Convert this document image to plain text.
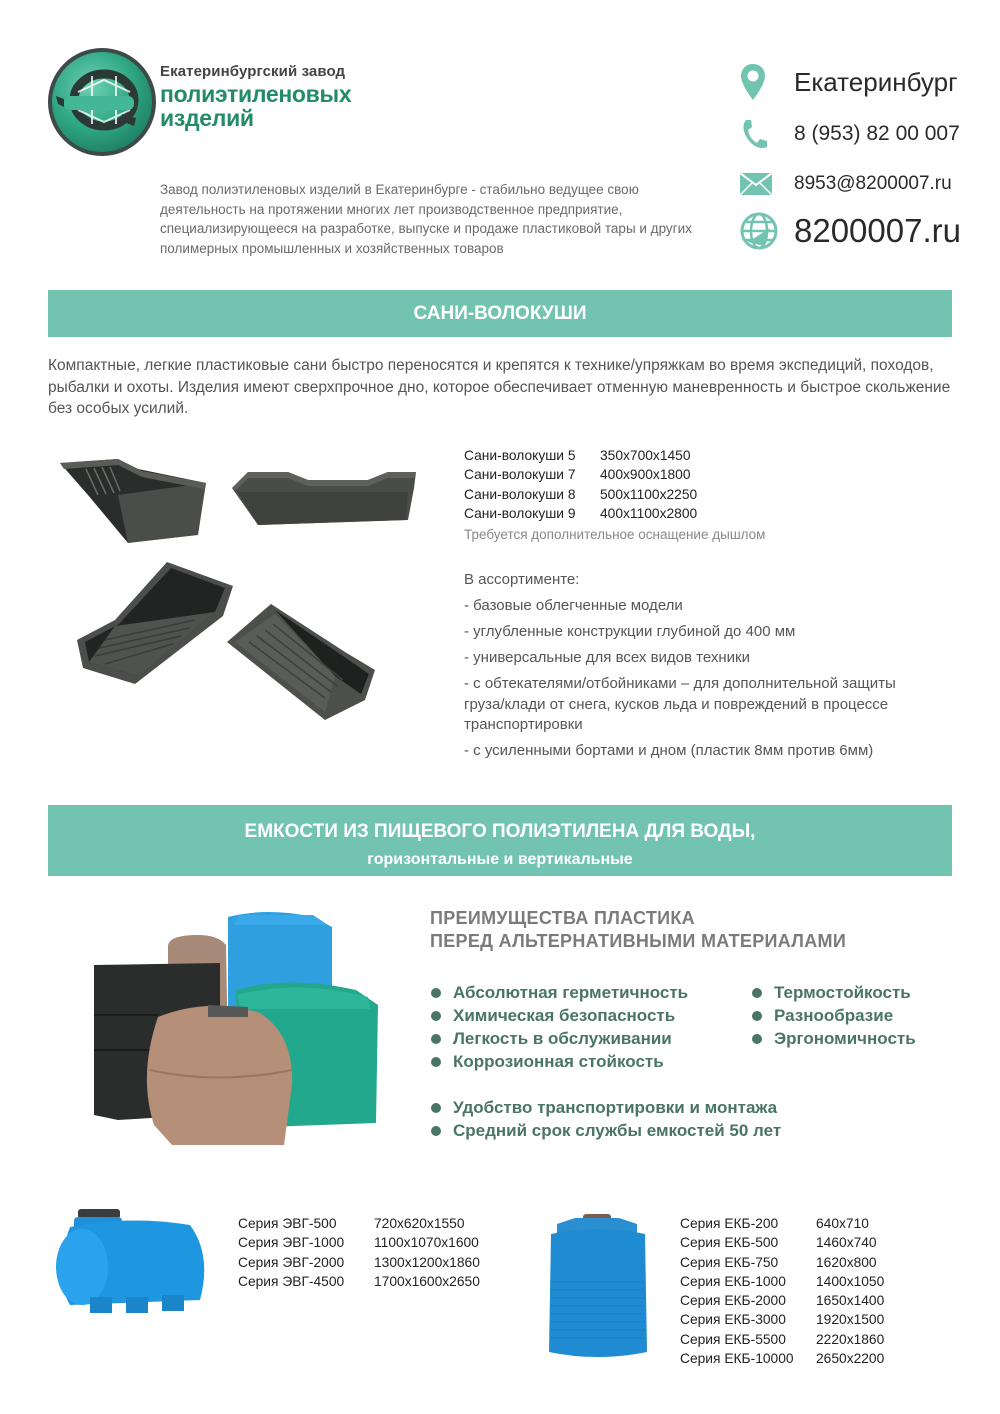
Екатеринбургский завод
полиэтиленовых
изделий
Завод полиэтиленовых изделий в Екатеринбурге - стабильно ведущее свою деятельность на протяжении многих лет производственное предприятие, специализирующееся на разработке, выпуске и продаже пластиковой тары и других полимерных промышленных и хозяйственных товаров
Екатеринбург
8 (953) 82 00 007
8953@8200007.ru
8200007.ru
САНИ-ВОЛОКУШИ
Компактные, легкие пластиковые сани быстро переносятся и крепятся к технике/упряжкам во время экспедиций, походов, рыбалки и охоты. Изделия имеют сверхпрочное дно, которое обеспечивает отменную маневренность и быстрое скольжение без особых усилий.
Сани-волокуши 5	350x700x1450
Сани-волокуши 7	400x900x1800
Сани-волокуши 8	500x1100x2250
Сани-волокуши 9	400x1100x2800
Требуется дополнительное оснащение дышлом
В ассортименте:
- базовые облегченные модели
- углубленные конструкции глубиной до 400 мм
- универсальные для всех видов техники
- с обтекателями/отбойниками – для дополнительной защиты груза/клади от снега, кусков льда и повреждений в процессе транспортировки
- с усиленными бортами и дном (пластик 8мм против 6мм)
ЕМКОСТИ ИЗ ПИЩЕВОГО ПОЛИЭТИЛЕНА ДЛЯ ВОДЫ,
горизонтальные и вертикальные
ПРЕИМУЩЕСТВА ПЛАСТИКА
ПЕРЕД АЛЬТЕРНАТИВНЫМИ МАТЕРИАЛАМИ
Абсолютная герметичность
Химическая безопасность
Легкость в обслуживании
Коррозионная стойкость
Термостойкость
Разнообразие
Эргономичность
Удобство транспортировки и монтажа
Средний срок службы емкостей 50 лет
Серия ЭВГ-500	720x620x1550
Серия ЭВГ-1000	1100x1070x1600
Серия ЭВГ-2000	1300x1200x1860
Серия ЭВГ-4500	1700x1600x2650
Серия ЕКБ-200	640x710
Серия ЕКБ-500	1460x740
Серия ЕКБ-750	1620x800
Серия ЕКБ-1000	1400x1050
Серия ЕКБ-2000	1650x1400
Серия ЕКБ-3000	1920x1500
Серия ЕКБ-5500	2220x1860
Серия ЕКБ-10000	2650x2200
